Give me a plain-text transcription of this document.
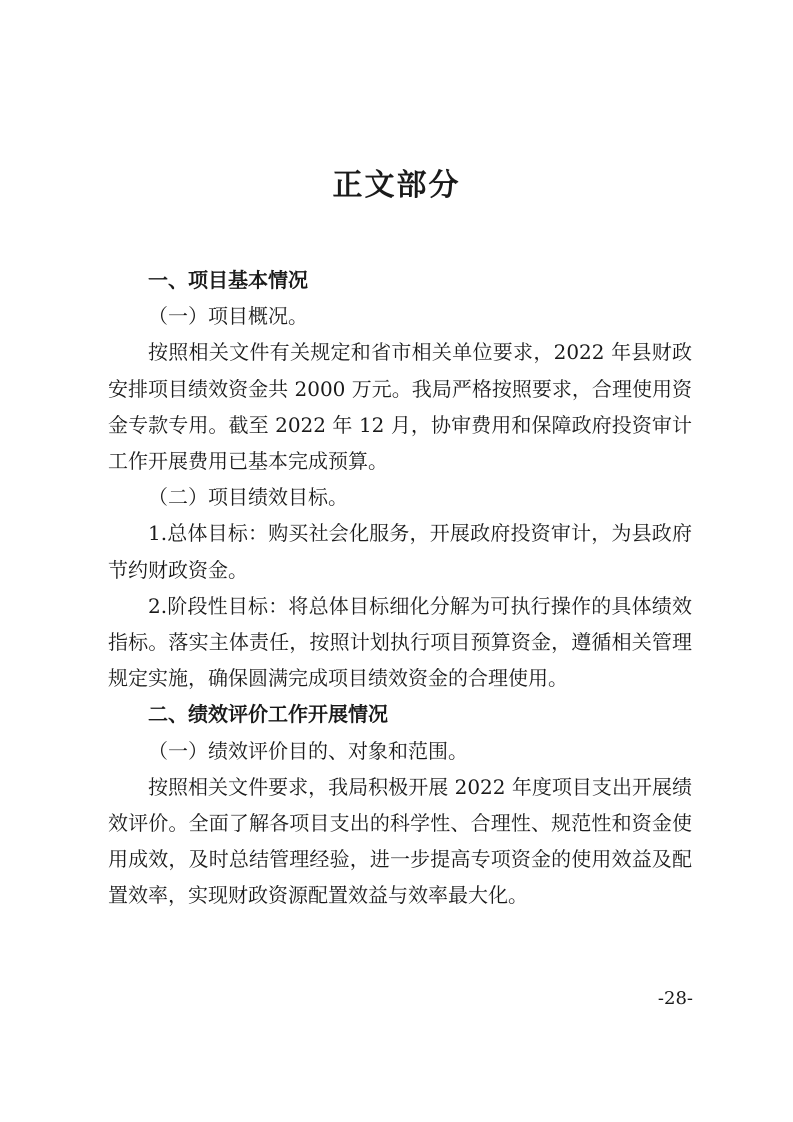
正文部分

一、项目基本情况

（一）项目概况。

按照相关文件有关规定和省市相关单位要求，2022 年县财政安排项目绩效资金共 2000 万元。我局严格按照要求，合理使用资金专款专用。截至 2022 年 12 月，协审费用和保障政府投资审计工作开展费用已基本完成预算。

（二）项目绩效目标。

1.总体目标：购买社会化服务，开展政府投资审计，为县政府节约财政资金。

2.阶段性目标：将总体目标细化分解为可执行操作的具体绩效指标。落实主体责任，按照计划执行项目预算资金，遵循相关管理规定实施，确保圆满完成项目绩效资金的合理使用。

二、绩效评价工作开展情况

（一）绩效评价目的、对象和范围。

按照相关文件要求，我局积极开展 2022 年度项目支出开展绩效评价。全面了解各项目支出的科学性、合理性、规范性和资金使用成效，及时总结管理经验，进一步提高专项资金的使用效益及配置效率，实现财政资源配置效益与效率最大化。

-28-
